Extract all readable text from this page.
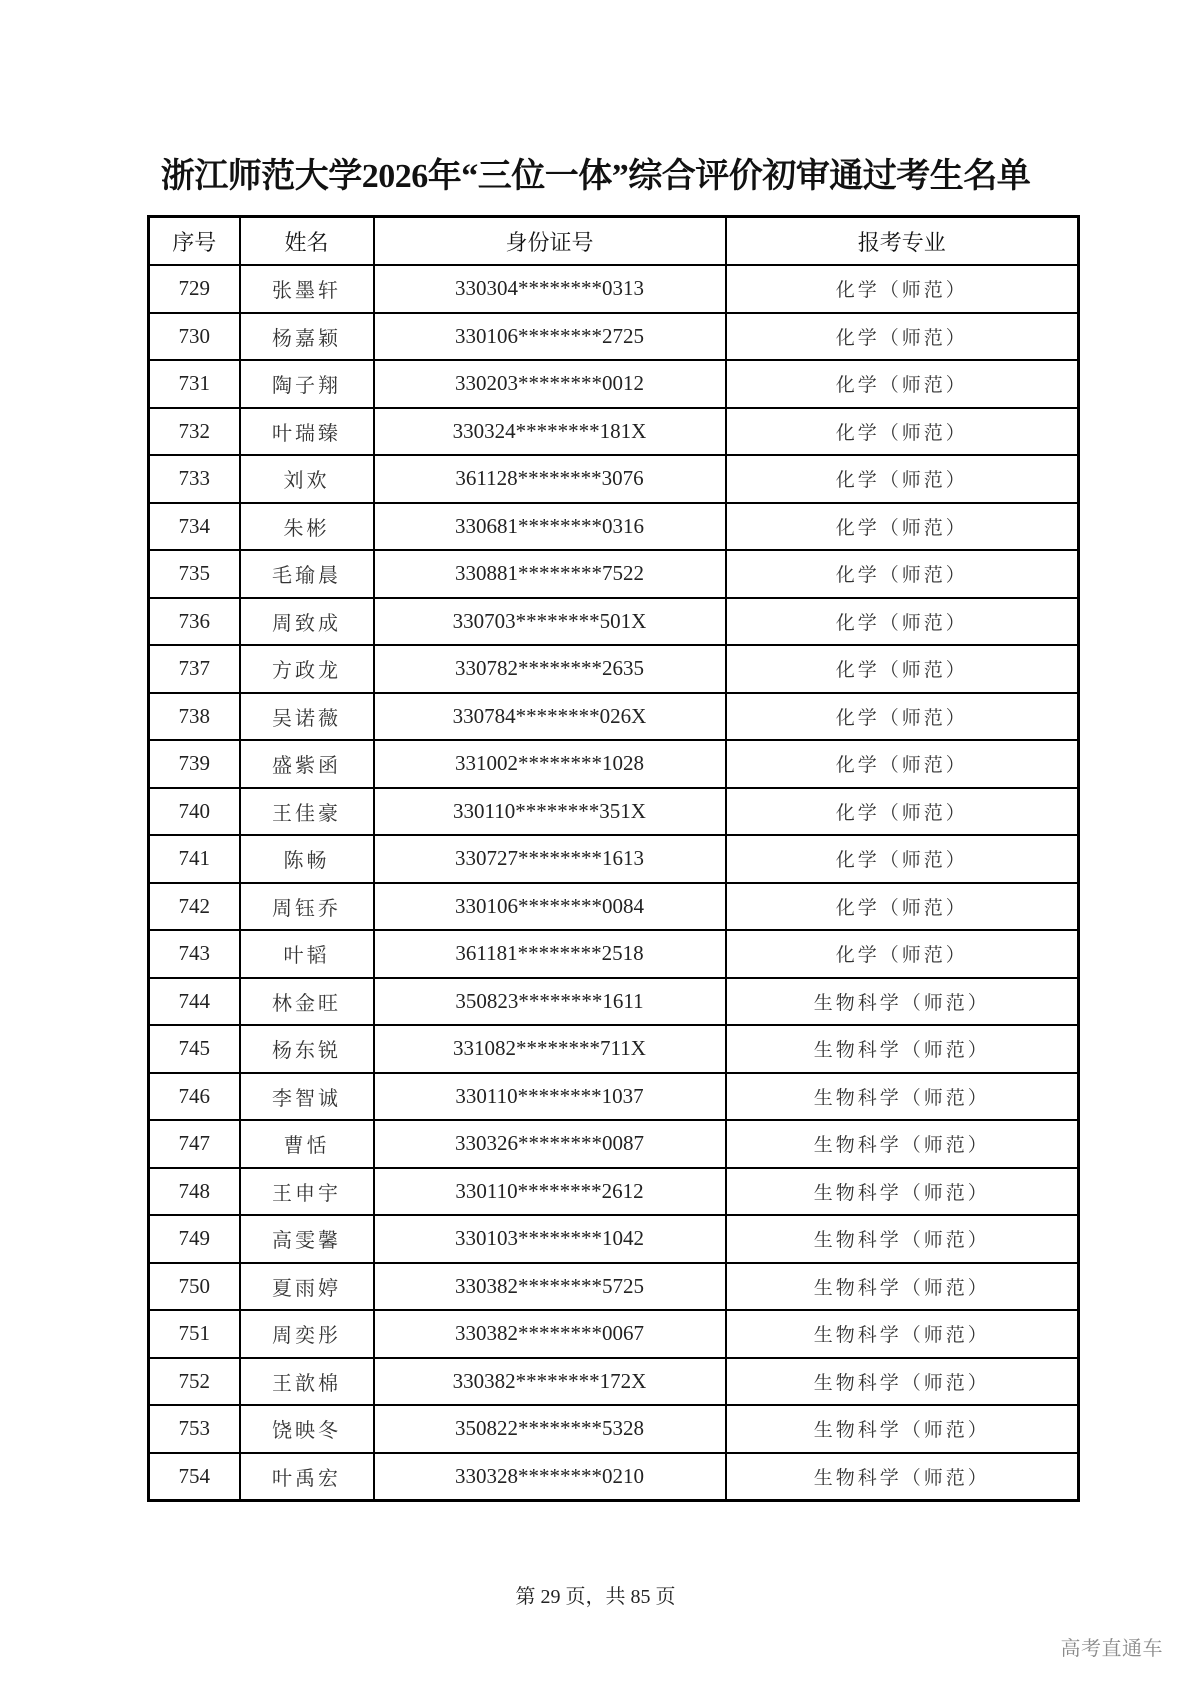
浙江师范大学2026年“三位一体”综合评价初审通过考生名单
序号	姓名	身份证号	报考专业
729	张墨轩	330304********0313	化学（师范）
730	杨嘉颖	330106********2725	化学（师范）
731	陶子翔	330203********0012	化学（师范）
732	叶瑞臻	330324********181X	化学（师范）
733	刘欢	361128********3076	化学（师范）
734	朱彬	330681********0316	化学（师范）
735	毛瑜晨	330881********7522	化学（师范）
736	周致成	330703********501X	化学（师范）
737	方政龙	330782********2635	化学（师范）
738	吴诺薇	330784********026X	化学（师范）
739	盛紫函	331002********1028	化学（师范）
740	王佳豪	330110********351X	化学（师范）
741	陈畅	330727********1613	化学（师范）
742	周钰乔	330106********0084	化学（师范）
743	叶韬	361181********2518	化学（师范）
744	林金旺	350823********1611	生物科学（师范）
745	杨东锐	331082********711X	生物科学（师范）
746	李智诚	330110********1037	生物科学（师范）
747	曹恬	330326********0087	生物科学（师范）
748	王申宇	330110********2612	生物科学（师范）
749	高雯馨	330103********1042	生物科学（师范）
750	夏雨婷	330382********5725	生物科学（师范）
751	周奕彤	330382********0067	生物科学（师范）
752	王歆棉	330382********172X	生物科学（师范）
753	饶映冬	350822********5328	生物科学（师范）
754	叶禹宏	330328********0210	生物科学（师范）
第 29 页，共 85 页
高考直通车
